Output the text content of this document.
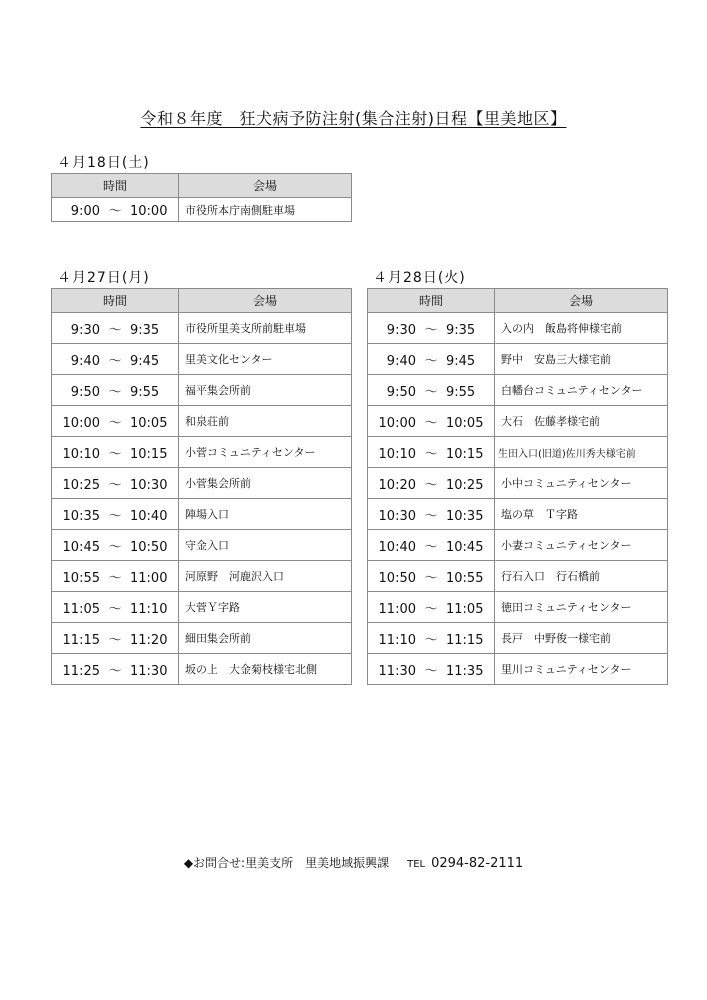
令和８年度　狂犬病予防注射(集合注射)日程【里美地区】
４月18日(土)
時間	会場
9:00 ～ 10:00	市役所本庁南側駐車場
４月27日(月)
時間	会場
9:30 ～ 9:35	市役所里美支所前駐車場
9:40 ～ 9:45	里美文化センター
9:50 ～ 9:55	福平集会所前
10:00 ～ 10:05	和泉荘前
10:10 ～ 10:15	小菅コミュニティセンター
10:25 ～ 10:30	小菅集会所前
10:35 ～ 10:40	陣場入口
10:45 ～ 10:50	守金入口
10:55 ～ 11:00	河原野　河鹿沢入口
11:05 ～ 11:10	大菅Ｙ字路
11:15 ～ 11:20	細田集会所前
11:25 ～ 11:30	坂の上　大金菊枝様宅北側
４月28日(火)
時間	会場
9:30 ～ 9:35	入の内　飯島将伸様宅前
9:40 ～ 9:45	野中　安島三大様宅前
9:50 ～ 9:55	白幡台コミュニティセンター
10:00 ～ 10:05	大石　佐藤孝様宅前
10:10 ～ 10:15	生田入口(旧道)佐川秀夫様宅前
10:20 ～ 10:25	小中コミュニティセンター
10:30 ～ 10:35	塩の草　Ｔ字路
10:40 ～ 10:45	小妻コミュニティセンター
10:50 ～ 10:55	行石入口　行石橋前
11:00 ～ 11:05	徳田コミュニティセンター
11:10 ～ 11:15	長戸　中野俊一様宅前
11:30 ～ 11:35	里川コミュニティセンター
◆お問合せ:里美支所　里美地域振興課 TEL 0294-82-2111
